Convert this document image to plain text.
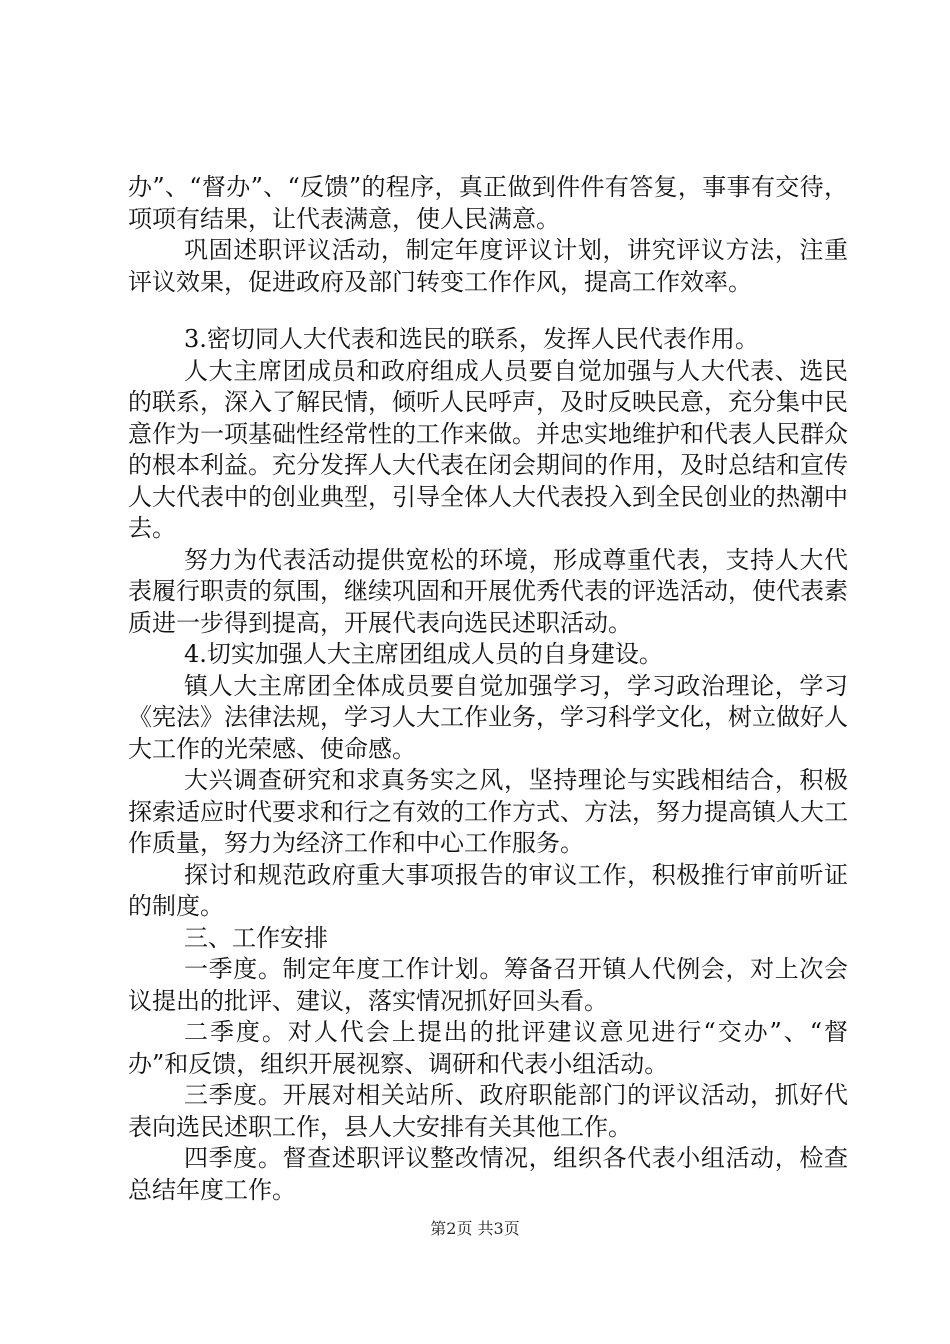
办”、“督办”、“反馈”的程序，真正做到件件有答复，事事有交待，项项有结果，让代表满意，使人民满意。

巩固述职评议活动，制定年度评议计划，讲究评议方法，注重评议效果，促进政府及部门转变工作作风，提高工作效率。

3.密切同人大代表和选民的联系，发挥人民代表作用。

人大主席团成员和政府组成人员要自觉加强与人大代表、选民的联系，深入了解民情，倾听人民呼声，及时反映民意，充分集中民意作为一项基础性经常性的工作来做。并忠实地维护和代表人民群众的根本利益。充分发挥人大代表在闭会期间的作用，及时总结和宣传人大代表中的创业典型，引导全体人大代表投入到全民创业的热潮中去。

努力为代表活动提供宽松的环境，形成尊重代表，支持人大代表履行职责的氛围，继续巩固和开展优秀代表的评选活动，使代表素质进一步得到提高，开展代表向选民述职活动。

4.切实加强人大主席团组成人员的自身建设。

镇人大主席团全体成员要自觉加强学习，学习政治理论，学习《宪法》法律法规，学习人大工作业务，学习科学文化，树立做好人大工作的光荣感、使命感。

大兴调查研究和求真务实之风，坚持理论与实践相结合，积极探索适应时代要求和行之有效的工作方式、方法，努力提高镇人大工作质量，努力为经济工作和中心工作服务。

探讨和规范政府重大事项报告的审议工作，积极推行审前听证的制度。

三、工作安排

一季度。制定年度工作计划。筹备召开镇人代例会，对上次会议提出的批评、建议，落实情况抓好回头看。

二季度。对人代会上提出的批评建议意见进行“交办”、“督办”和反馈，组织开展视察、调研和代表小组活动。

三季度。开展对相关站所、政府职能部门的评议活动，抓好代表向选民述职工作，县人大安排有关其他工作。

四季度。督查述职评议整改情况，组织各代表小组活动，检查总结年度工作。

第2页 共3页
